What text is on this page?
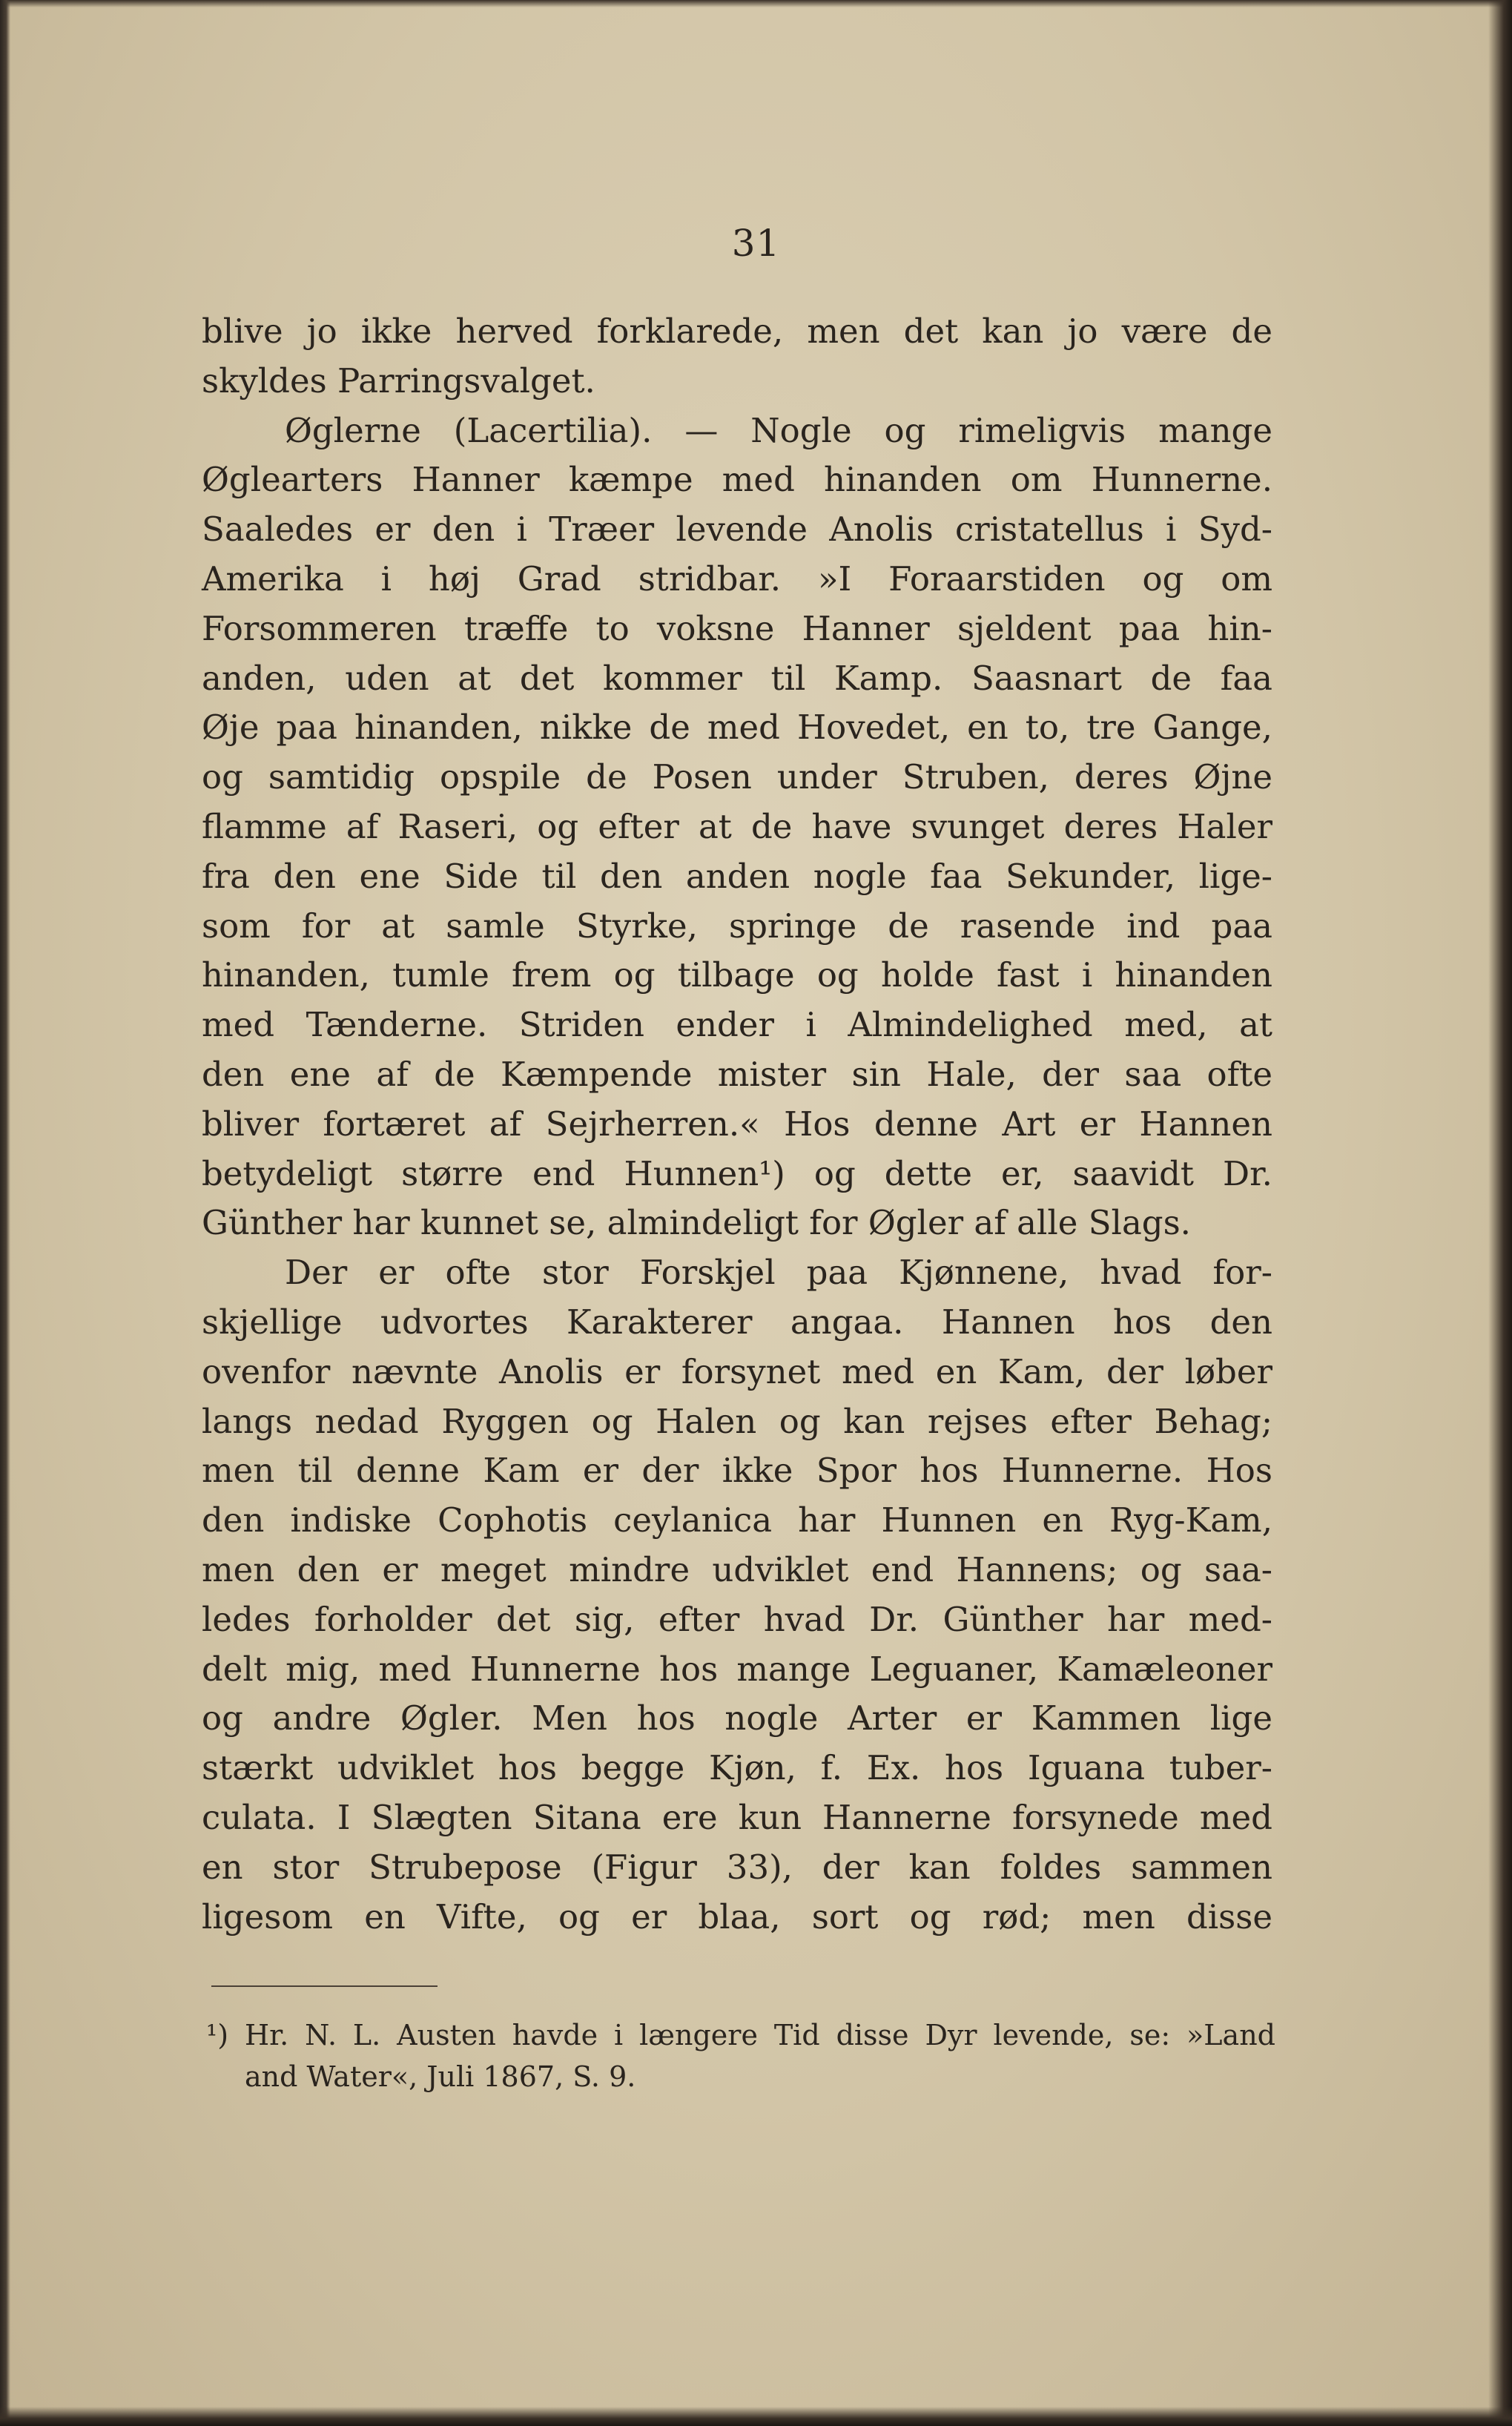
31
blive jo ikke herved forklarede, men det kan jo være de
skyldes Parringsvalget.
Øglerne (Lacertilia). — Nogle og rimeligvis mange
Øglearters Hanner kæmpe med hinanden om Hunnerne.
Saaledes er den i Træer levende Anolis cristatellus i Syd-
Amerika i høj Grad stridbar. »I Foraarstiden og om
Forsommeren træffe to voksne Hanner sjeldent paa hin-
anden, uden at det kommer til Kamp. Saasnart de faa
Øje paa hinanden, nikke de med Hovedet, en to, tre Gange,
og samtidig opspile de Posen under Struben, deres Øjne
flamme af Raseri, og efter at de have svunget deres Haler
fra den ene Side til den anden nogle faa Sekunder, lige-
som for at samle Styrke, springe de rasende ind paa
hinanden, tumle frem og tilbage og holde fast i hinanden
med Tænderne. Striden ender i Almindelighed med, at
den ene af de Kæmpende mister sin Hale, der saa ofte
bliver fortæret af Sejrherren.« Hos denne Art er Hannen
betydeligt større end Hunnen¹) og dette er, saavidt Dr.
Günther har kunnet se, almindeligt for Øgler af alle Slags.
Der er ofte stor Forskjel paa Kjønnene, hvad for-
skjellige udvortes Karakterer angaa. Hannen hos den
ovenfor nævnte Anolis er forsynet med en Kam, der løber
langs nedad Ryggen og Halen og kan rejses efter Behag;
men til denne Kam er der ikke Spor hos Hunnerne. Hos
den indiske Cophotis ceylanica har Hunnen en Ryg-Kam,
men den er meget mindre udviklet end Hannens; og saa-
ledes forholder det sig, efter hvad Dr. Günther har med-
delt mig, med Hunnerne hos mange Leguaner, Kamæleoner
og andre Øgler. Men hos nogle Arter er Kammen lige
stærkt udviklet hos begge Kjøn, f. Ex. hos Iguana tuber-
culata. I Slægten Sitana ere kun Hannerne forsynede med
en stor Strubepose (Figur 33), der kan foldes sammen
ligesom en Vifte, og er blaa, sort og rød; men disse
¹) Hr. N. L. Austen havde i længere Tid disse Dyr levende, se: »Land
and Water«, Juli 1867, S. 9.
